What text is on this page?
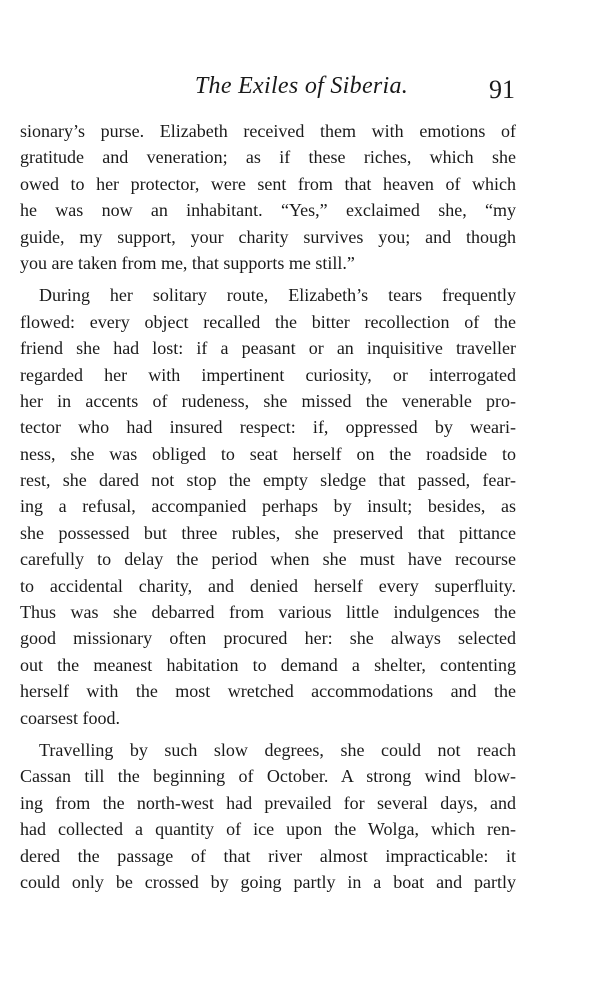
The Exiles of Siberia.	91
sionary’s purse. Elizabeth received them with emotions of
gratitude and veneration; as if these riches, which she
owed to her protector, were sent from that heaven of which
he was now an inhabitant. “Yes,” exclaimed she, “my
guide, my support, your charity survives you; and though
you are taken from me, that supports me still.”
During her solitary route, Elizabeth’s tears frequently
flowed: every object recalled the bitter recollection of the
friend she had lost: if a peasant or an inquisitive traveller
regarded her with impertinent curiosity, or interrogated
her in accents of rudeness, she missed the venerable pro-
tector who had insured respect: if, oppressed by weari-
ness, she was obliged to seat herself on the roadside to
rest, she dared not stop the empty sledge that passed, fear-
ing a refusal, accompanied perhaps by insult; besides, as
she possessed but three rubles, she preserved that pittance
carefully to delay the period when she must have recourse
to accidental charity, and denied herself every superfluity.
Thus was she debarred from various little indulgences the
good missionary often procured her: she always selected
out the meanest habitation to demand a shelter, contenting
herself with the most wretched accommodations and the
coarsest food.
Travelling by such slow degrees, she could not reach
Cassan till the beginning of October. A strong wind blow-
ing from the north-west had prevailed for several days, and
had collected a quantity of ice upon the Wolga, which ren-
dered the passage of that river almost impracticable: it
could only be crossed by going partly in a boat and partly
